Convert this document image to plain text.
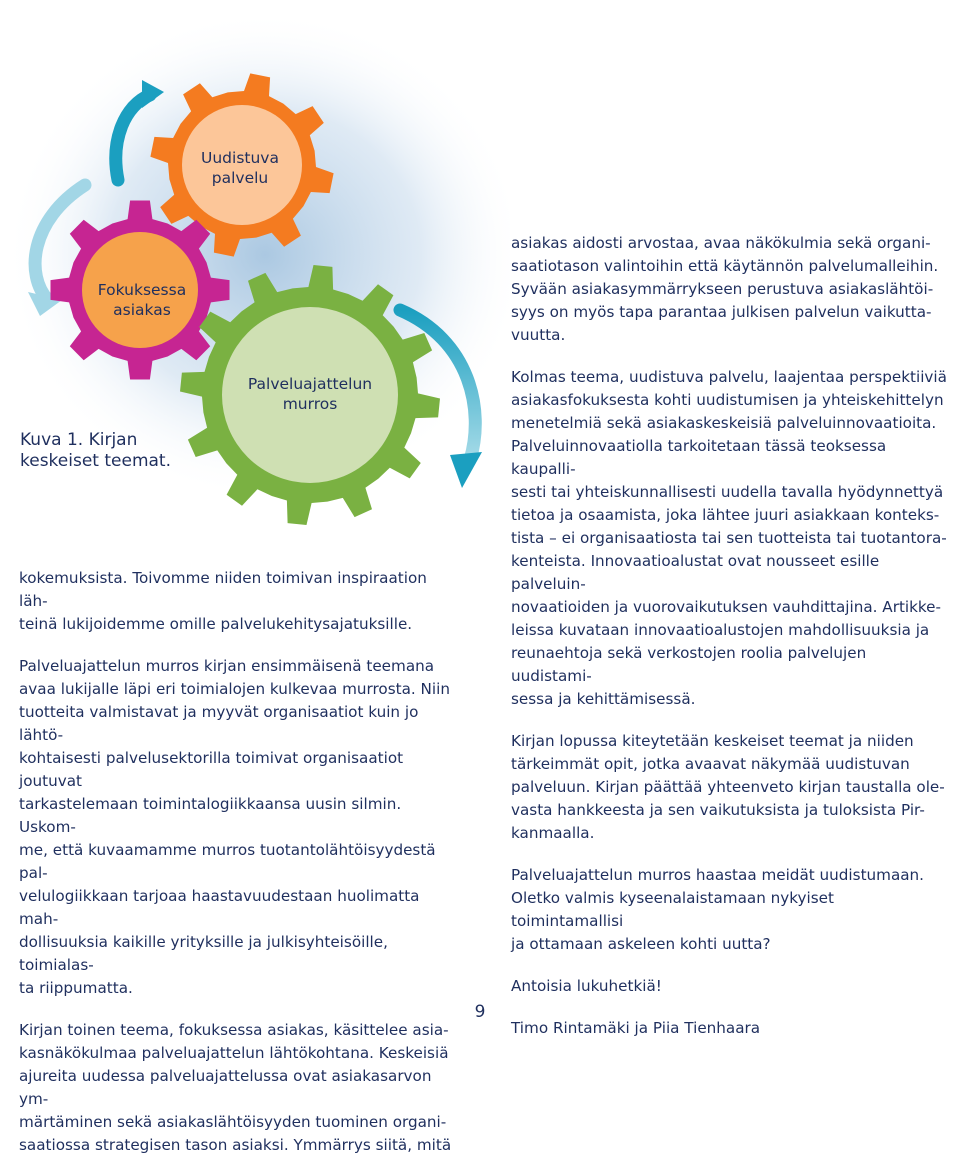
Uudistuva
palvelu
Fokuksessa
asiakas
Palveluajattelun
murros
Kuva 1. Kirjan keskeiset teemat.

asiakas aidosti arvostaa, avaa näkökulmia sekä organi-
saatiotason valintoihin että käytännön palvelumalleihin.
Syvään asiakasymmärrykseen perustuva asiakaslähtöi-
syys on myös tapa parantaa julkisen palvelun vaikutta-
vuutta.

kokemuksista. Toivomme niiden toimivan inspiraation läh-
teinä lukijoidemme omille palvelukehitysajatuksille.

Palveluajattelun murros kirjan ensimmäisenä teemana
avaa lukijalle läpi eri toimialojen kulkevaa murrosta. Niin
tuotteita valmistavat ja myyvät organisaatiot kuin jo lähtö-
kohtaisesti palvelusektorilla toimivat organisaatiot joutuvat
tarkastelemaan toimintalogiikkaansa uusin silmin. Uskom-
me, että kuvaamamme murros tuotantolähtöisyydestä pal-
velulogiikkaan tarjoaa haastavuudestaan huolimatta mah-
dollisuuksia kaikille yrityksille ja julkisyhteisöille, toimialas-
ta riippumatta.

Kirjan toinen teema, fokuksessa asiakas, käsittelee asia-
kasnäkökulmaa palveluajattelun lähtökohtana. Keskeisiä
ajureita uudessa palveluajattelussa ovat asiakasarvon ym-
märtäminen sekä asiakaslähtöisyyden tuominen organi-
saatiossa strategisen tason asiaksi. Ymmärrys siitä, mitä

Kolmas teema, uudistuva palvelu, laajentaa perspektiiviä
asiakasfokuksesta kohti uudistumisen ja yhteiskehittelyn
menetelmiä sekä asiakaskeskeisiä palveluinnovaatioita.
Palveluinnovaatiolla tarkoitetaan tässä teoksessa kaupalli-
sesti tai yhteiskunnallisesti uudella tavalla hyödynnettyä
tietoa ja osaamista, joka lähtee juuri asiakkaan konteks-
tista – ei organisaatiosta tai sen tuotteista tai tuotantora-
kenteista. Innovaatioalustat ovat nousseet esille palveluin-
novaatioiden ja vuorovaikutuksen vauhdittajina. Artikke-
leissa kuvataan innovaatioalustojen mahdollisuuksia ja
reunaehtoja sekä verkostojen roolia palvelujen uudistami-
sessa ja kehittämisessä.

Kirjan lopussa kiteytetään keskeiset teemat ja niiden
tärkeimmät opit, jotka avaavat näkymää uudistuvan
palveluun. Kirjan päättää yhteenveto kirjan taustalla ole-
vasta hankkeesta ja sen vaikutuksista ja tuloksista Pir-
kanmaalla.

Palveluajattelun murros haastaa meidät uudistumaan.
Oletko valmis kyseenalaistamaan nykyiset toimintamallisi
ja ottamaan askeleen kohti uutta?

Antoisia lukuhetkiä!

Timo Rintamäki ja Piia Tienhaara

9
